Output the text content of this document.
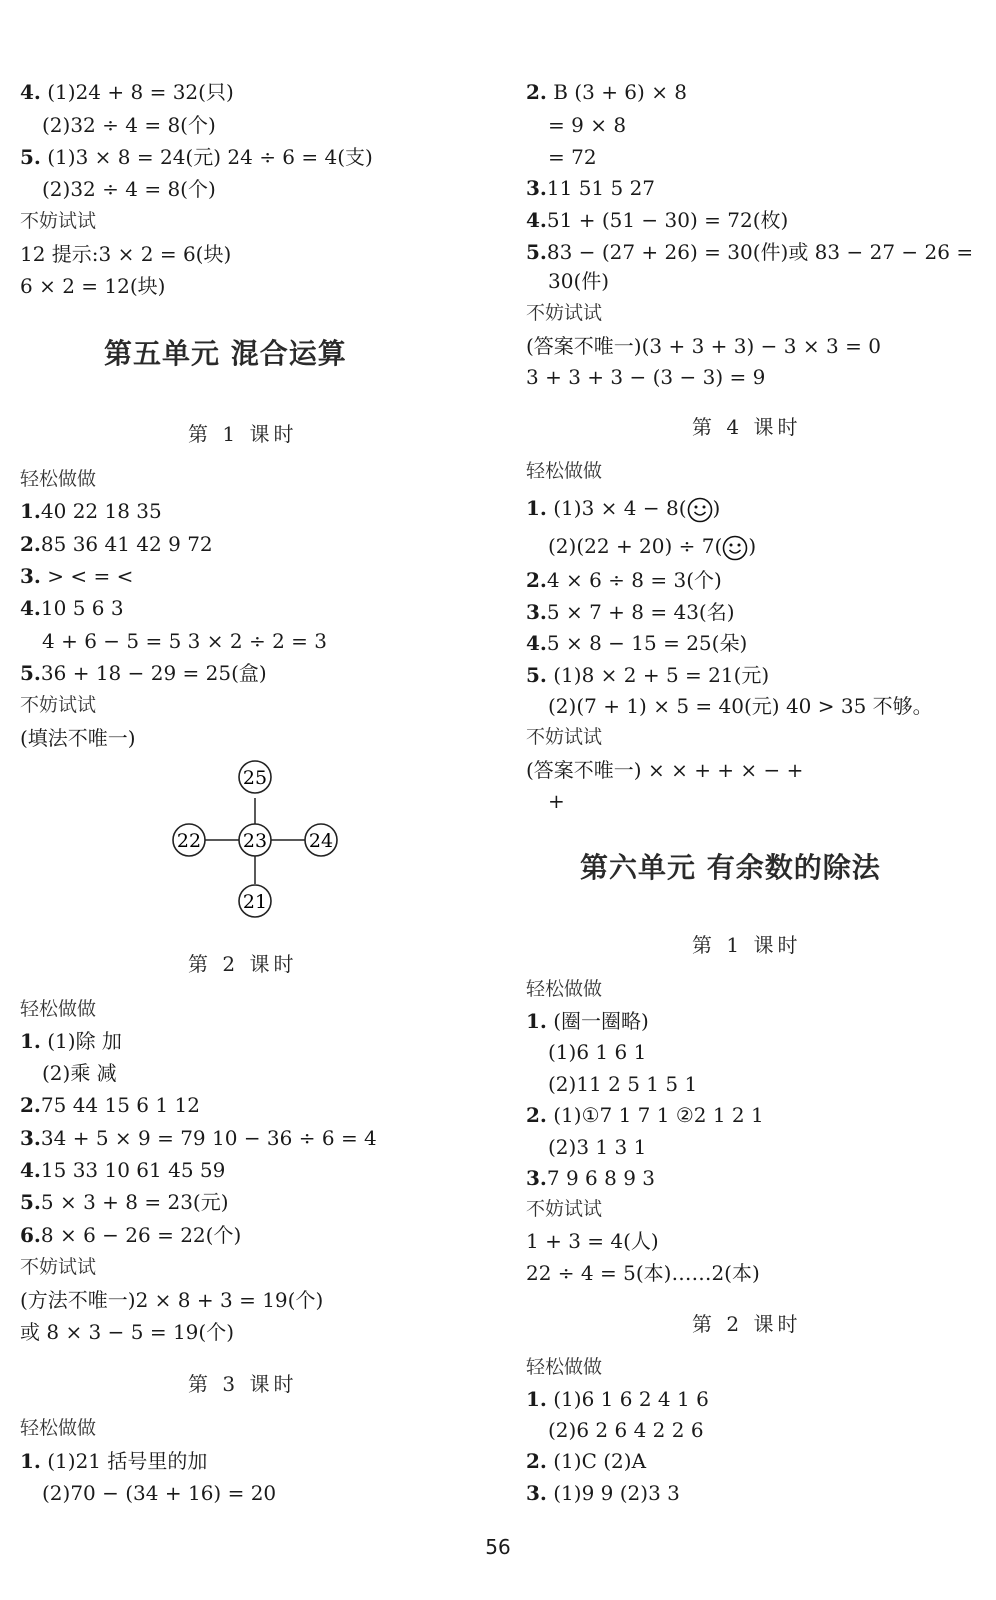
4. (1)24 + 8 = 32(只)
(2)32 ÷ 4 = 8(个)
5. (1)3 × 8 = 24(元) 24 ÷ 6 = 4(支)
(2)32 ÷ 4 = 8(个)
不妨试试
12 提示:3 × 2 = 6(块)
6 × 2 = 12(块)
第五单元 混合运算
第 1 课时
轻松做做
1.40 22 18 35
2.85 36 41 42 9 72
3. > < = <
4.10 5 6 3
4 + 6 − 5 = 5 3 × 2 ÷ 2 = 3
5.36 + 18 − 29 = 25(盒)
不妨试试
(填法不唯一)
25
22 23 24
21
第 2 课时
轻松做做
1. (1)除 加
(2)乘 减
2.75 44 15 6 1 12
3.34 + 5 × 9 = 79 10 − 36 ÷ 6 = 4
4.15 33 10 61 45 59
5.5 × 3 + 8 = 23(元)
6.8 × 6 − 26 = 22(个)
不妨试试
(方法不唯一)2 × 8 + 3 = 19(个)
或 8 × 3 − 5 = 19(个)
第 3 课时
轻松做做
1. (1)21 括号里的加
(2)70 − (34 + 16) = 20
2. B (3 + 6) × 8
= 9 × 8
= 72
3.11 51 5 27
4.51 + (51 − 30) = 72(枚)
5.83 − (27 + 26) = 30(件)或 83 − 27 − 26 =
30(件)
不妨试试
(答案不唯一)(3 + 3 + 3) − 3 × 3 = 0
3 + 3 + 3 − (3 − 3) = 9
第 4 课时
轻松做做
1. (1)3 × 4 − 8( )
(2)(22 + 20) ÷ 7( )
2.4 × 6 ÷ 8 = 3(个)
3.5 × 7 + 8 = 43(名)
4.5 × 8 − 15 = 25(朵)
5. (1)8 × 2 + 5 = 21(元)
(2)(7 + 1) × 5 = 40(元) 40 > 35 不够。
不妨试试
(答案不唯一) × × + + × − +
+
第六单元 有余数的除法
第 1 课时
轻松做做
1. (圈一圈略)
(1)6 1 6 1
(2)11 2 5 1 5 1
2. (1)①7 1 7 1 ②2 1 2 1
(2)3 1 3 1
3.7 9 6 8 9 3
不妨试试
1 + 3 = 4(人)
22 ÷ 4 = 5(本)……2(本)
第 2 课时
轻松做做
1. (1)6 1 6 2 4 1 6
(2)6 2 6 4 2 2 6
2. (1)C (2)A
3. (1)9 9 (2)3 3
56
